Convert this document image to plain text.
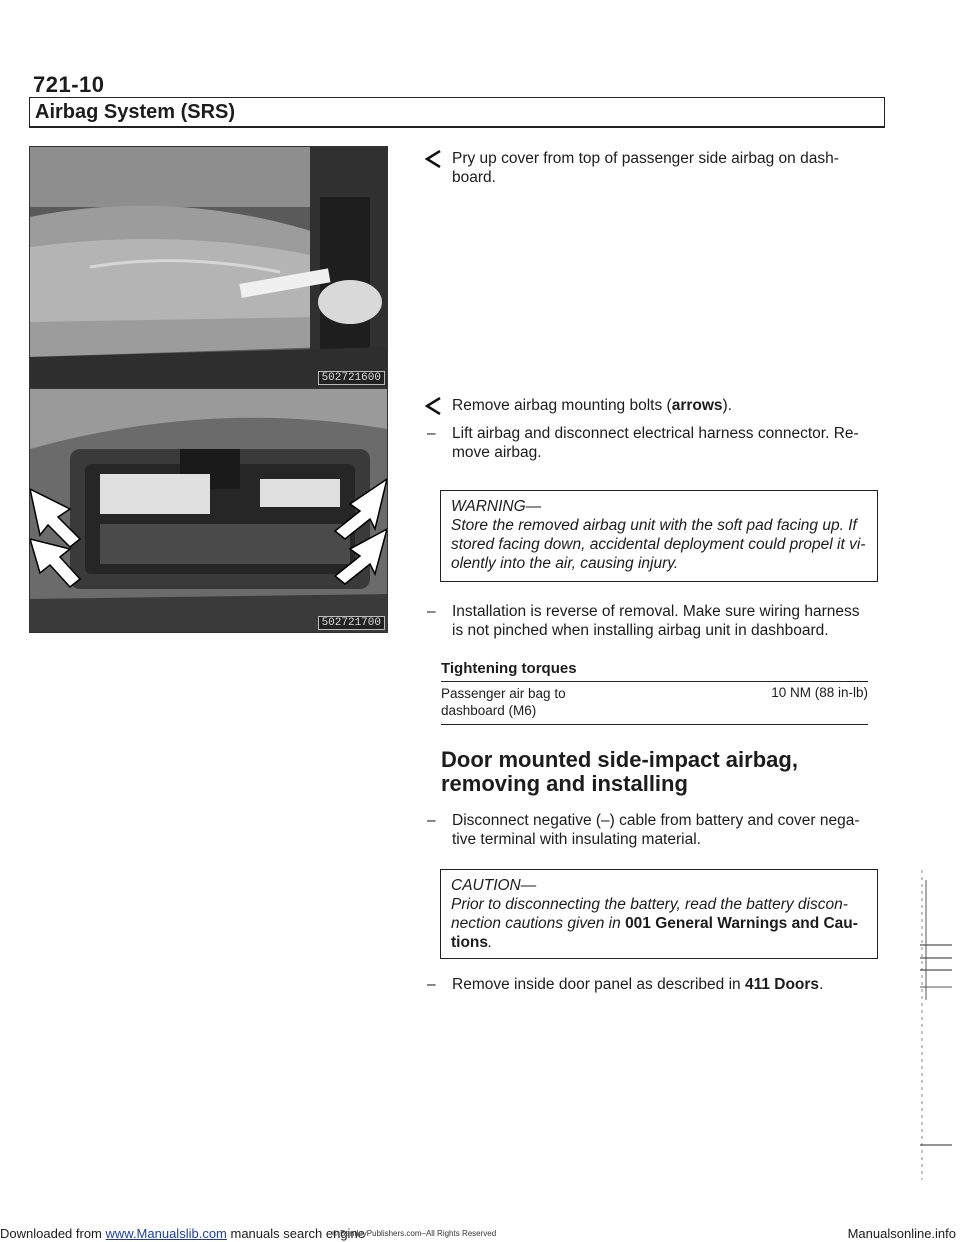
721-10
Airbag System (SRS)
502721600
502721700
Pry up cover from top of passenger side airbag on dash-
board.
Remove airbag mounting bolts (arrows).
– Lift airbag and disconnect electrical harness connector. Re-
move airbag.
WARNING—
Store the removed airbag unit with the soft pad facing up. If
stored facing down, accidental deployment could propel it vi-
olently into the air, causing injury.
– Installation is reverse of removal. Make sure wiring harness
is not pinched when installing airbag unit in dashboard.
Tightening torques
Passenger air bag to
dashboard (M6)
10 NM (88 in-lb)
Door mounted side-impact airbag,
removing and installing
– Disconnect negative (–) cable from battery and cover nega-
tive terminal with insulating material.
CAUTION—
Prior to disconnecting the battery, read the battery discon-
nection cautions given in 001 General Warnings and Cau-
tions.
– Remove inside door panel as described in 411 Doors.
Downloaded from www.Manualslib.com manuals search engine
© BentleyPublishers.com–All Rights Reserved	Manualsonline.info
